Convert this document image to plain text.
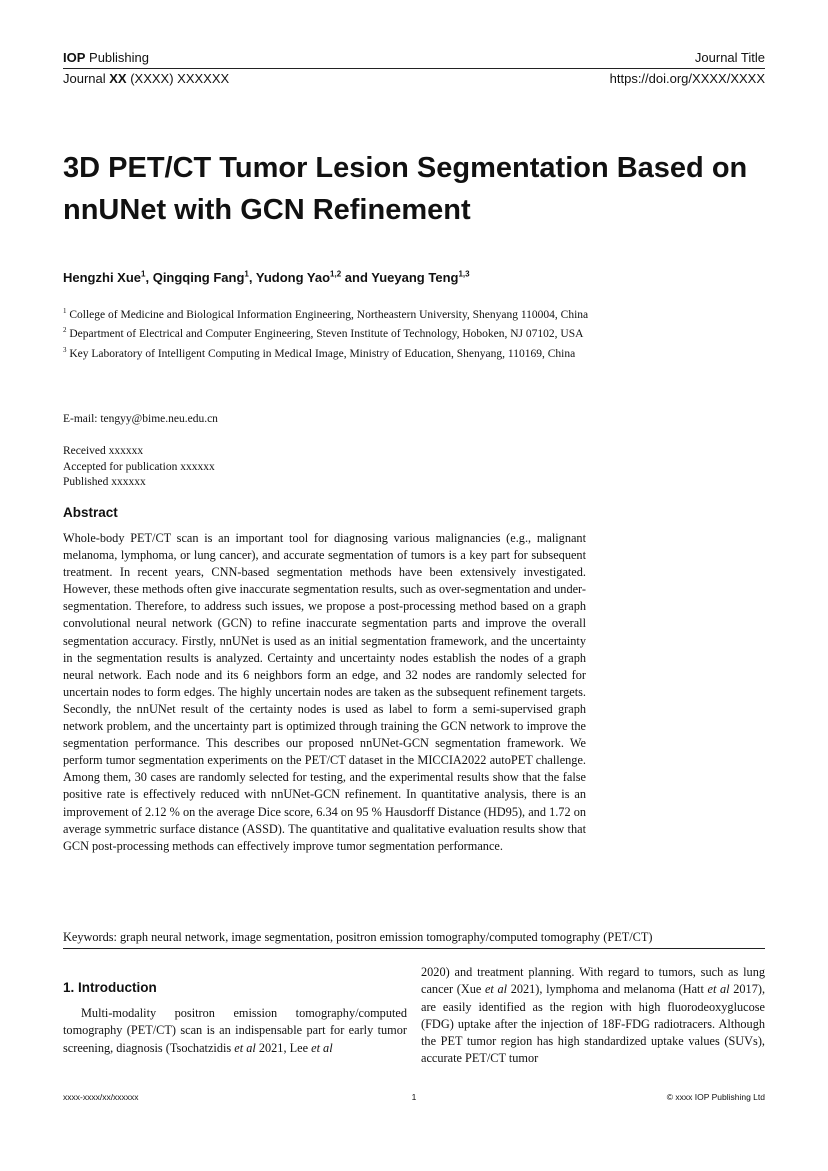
IOP Publishing	Journal Title
Journal XX (XXXX) XXXXXX	https://doi.org/XXXX/XXXX
3D PET/CT Tumor Lesion Segmentation Based on nnUNet with GCN Refinement
Hengzhi Xue$^1$, Qingqing Fang$^1$, Yudong Yao$^{1,2}$ and Yueyang Teng$^{1,3}$

$^1$ College of Medicine and Biological Information Engineering, Northeastern University, Shenyang 110004, China

$^2$ Department of Electrical and Computer Engineering, Steven Institute of Technology, Hoboken, NJ 07102, USA

$^3$ Key Laboratory of Intelligent Computing in Medical Image, Ministry of Education, Shenyang, 110169, China

E-mail: tengyy@bime.neu.edu.cn
Received xxxxxx
Accepted for publication xxxxxx
Published xxxxxx
Abstract

Whole-body PET/CT scan is an important tool for diagnosing various malignancies (e.g., malignant melanoma, lymphoma, or lung cancer), and accurate segmentation of tumors is a key part for subsequent treatment. In recent years, CNN-based segmentation methods have been extensively investigated. However, these methods often give inaccurate segmentation results, such as over-segmentation and under-segmentation. Therefore, to address such issues, we propose a post-processing method based on a graph convolutional neural network (GCN) to refine inaccurate segmentation parts and improve the overall segmentation accuracy. Firstly, nnUNet is used as an initial segmentation framework, and the uncertainty in the segmentation results is analyzed. Certainty and uncertainty nodes establish the nodes of a graph neural network. Each node and its 6 neighbors form an edge, and 32 nodes are randomly selected for uncertain nodes to form edges. The highly uncertain nodes are taken as the subsequent refinement targets. Secondly, the nnUNet result of the certainty nodes is used as label to form a semi-supervised graph network problem, and the uncertainty part is optimized through training the GCN network to improve the segmentation performance. This describes our proposed nnUNet-GCN segmentation framework. We perform tumor segmentation experiments on the PET/CT dataset in the MICCIA2022 autoPET challenge. Among them, 30 cases are randomly selected for testing, and the experimental results show that the false positive rate is effectively reduced with nnUNet-GCN refinement. In quantitative analysis, there is an improvement of 2.12 % on the average Dice score, 6.34 on 95 % Hausdorff Distance (HD95), and 1.72 on average symmetric surface distance (ASSD). The quantitative and qualitative evaluation results show that GCN post-processing methods can effectively improve tumor segmentation performance.

Keywords: graph neural network, image segmentation, positron emission tomography/computed tomography (PET/CT)
1. Introduction

Multi-modality positron emission tomography/computed tomography (PET/CT) scan is an indispensable part for early tumor screening, diagnosis (Tsochatzidis et al 2021, Lee et al

2020) and treatment planning. With regard to tumors, such as lung cancer (Xue et al 2021), lymphoma and melanoma (Hatt et al 2017), are easily identified as the region with high fluorodeoxyglucose (FDG) uptake after the injection of 18F-FDG radiotracers. Although the PET tumor region has high standardized uptake values (SUVs), accurate PET/CT tumor

xxxx-xxxx/xx/xxxxxx	1	© xxxx IOP Publishing Ltd
